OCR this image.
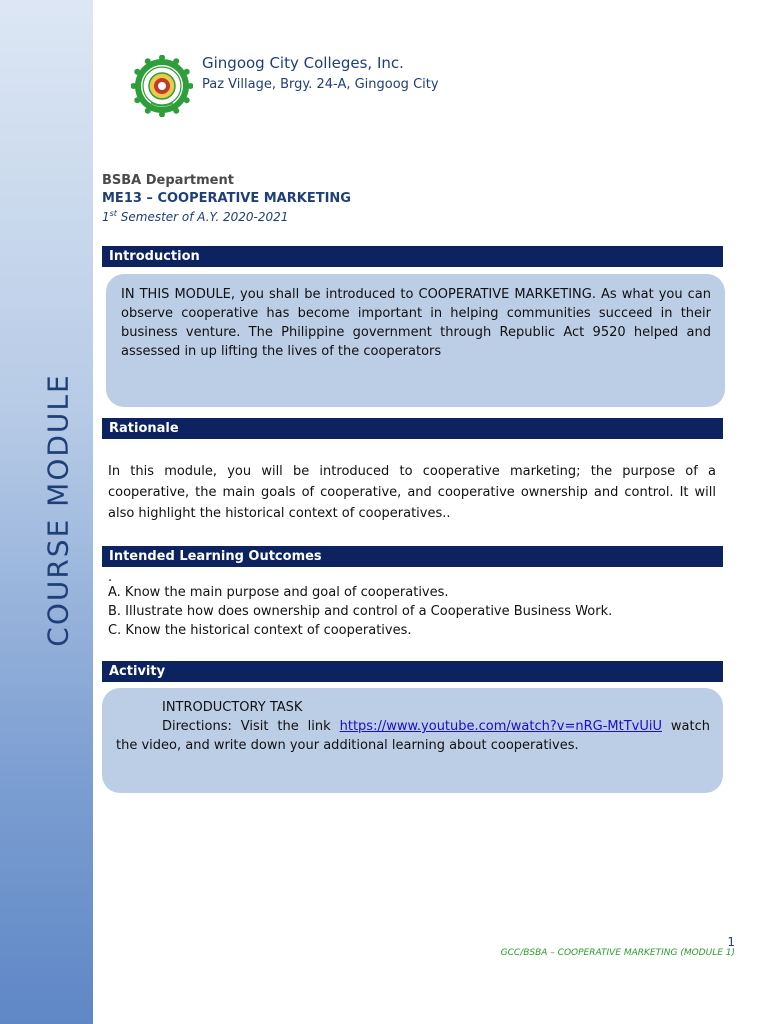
COURSE MODULE
Gingoog City Colleges, Inc.
Paz Village, Brgy. 24-A, Gingoog City
BSBA Department
ME13 – COOPERATIVE MARKETING
1st Semester of A.Y. 2020-2021
Introduction

IN THIS MODULE, you shall be introduced to COOPERATIVE MARKETING. As what you can observe cooperative has become important in helping communities succeed in their business venture. The Philippine government through Republic Act 9520 helped and assessed in up lifting the lives of the cooperators

Rationale

In this module, you will be introduced to cooperative marketing; the purpose of a cooperative, the main goals of cooperative, and cooperative ownership and control. It will also highlight the historical context of cooperatives..

Intended Learning Outcomes
.
A. Know the main purpose and goal of cooperatives.
B. Illustrate how does ownership and control of a Cooperative Business Work.
C. Know the historical context of cooperatives.
Activity
INTRODUCTORY TASK

Directions: Visit the link https://www.youtube.com/watch?v=nRG-MtTvUiU watch the video, and write down your additional learning about cooperatives.

1
GCC/BSBA – COOPERATIVE MARKETING (MODULE 1)
